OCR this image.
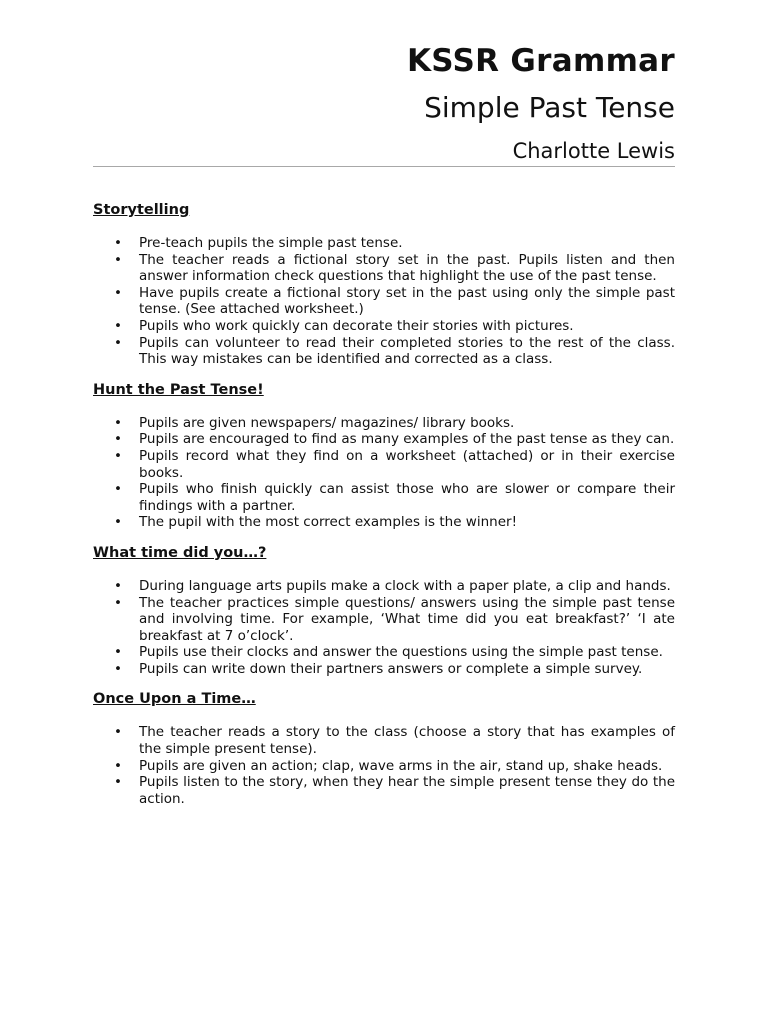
KSSR Grammar
Simple Past Tense
Charlotte Lewis
Storytelling
• Pre-teach pupils the simple past tense.
• The teacher reads a fictional story set in the past. Pupils listen and then answer information check questions that highlight the use of the past tense.
• Have pupils create a fictional story set in the past using only the simple past tense. (See attached worksheet.)
• Pupils who work quickly can decorate their stories with pictures.
• Pupils can volunteer to read their completed stories to the rest of the class. This way mistakes can be identified and corrected as a class.
Hunt the Past Tense!
• Pupils are given newspapers/ magazines/ library books.
• Pupils are encouraged to find as many examples of the past tense as they can.
• Pupils record what they find on a worksheet (attached) or in their exercise books.
• Pupils who finish quickly can assist those who are slower or compare their findings with a partner.
• The pupil with the most correct examples is the winner!
What time did you…?
• During language arts pupils make a clock with a paper plate, a clip and hands.
• The teacher practices simple questions/ answers using the simple past tense and involving time. For example, ‘What time did you eat breakfast?’ ‘I ate breakfast at 7 o’clock’.
• Pupils use their clocks and answer the questions using the simple past tense.
• Pupils can write down their partners answers or complete a simple survey.
Once Upon a Time…
• The teacher reads a story to the class (choose a story that has examples of the simple present tense).
• Pupils are given an action; clap, wave arms in the air, stand up, shake heads.
• Pupils listen to the story, when they hear the simple present tense they do the action.
